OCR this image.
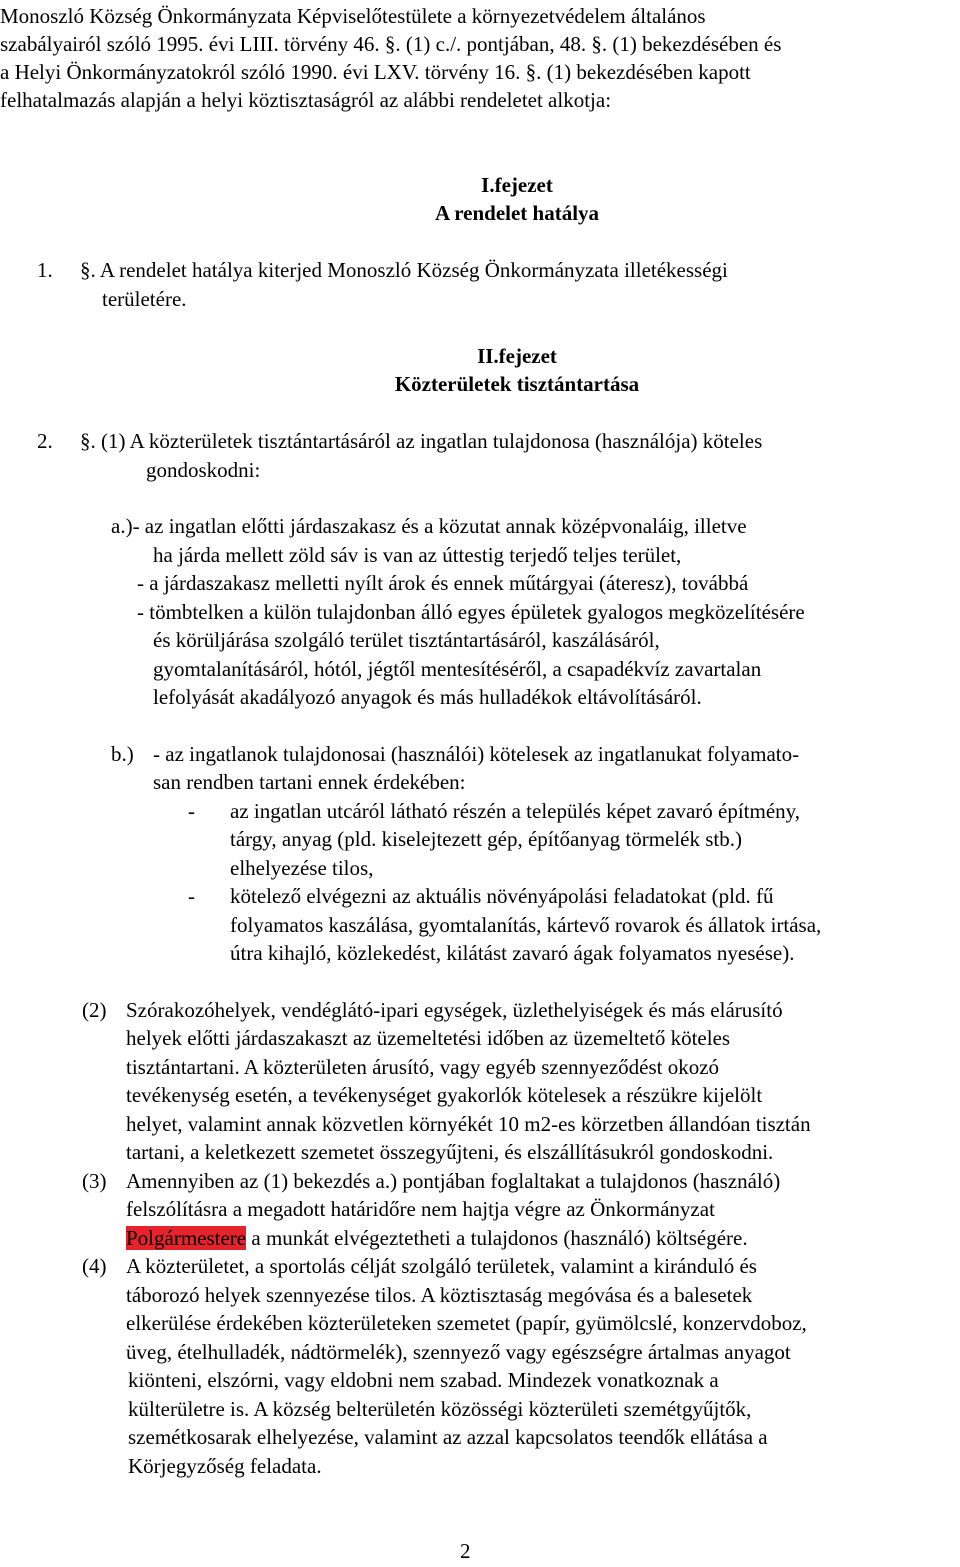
Monoszló Község Önkormányzata Képviselőtestülete a környezetvédelem általános
szabályairól szóló 1995. évi LIII. törvény 46. §. (1) c./. pontjában, 48. §. (1) bekezdésében és
a Helyi Önkormányzatokról szóló 1990. évi LXV. törvény 16. §. (1) bekezdésében kapott
felhatalmazás alapján a helyi köztisztaságról az alábbi rendeletet alkotja:
I.fejezet
A rendelet hatálya
1. §. A rendelet hatálya kiterjed Monoszló Község Önkormányzata illetékességi
területére.
II.fejezet
Közterületek tisztántartása
2. §. (1) A közterületek tisztántartásáról az ingatlan tulajdonosa (használója) köteles
gondoskodni:
a.)- az ingatlan előtti járdaszakasz és a közutat annak középvonaláig, illetve
ha járda mellett zöld sáv is van az úttestig terjedő teljes terület,
- a járdaszakasz melletti nyílt árok és ennek műtárgyai (áteresz), továbbá
- tömbtelken a külön tulajdonban álló egyes épületek gyalogos megközelítésére
és körüljárása szolgáló terület tisztántartásáról, kaszálásáról,
gyomtalanításáról, hótól, jégtől mentesítéséről, a csapadékvíz zavartalan
lefolyását akadályozó anyagok és más hulladékok eltávolításáról.
b.) - az ingatlanok tulajdonosai (használói) kötelesek az ingatlanukat folyamato-
san rendben tartani ennek érdekében:
- az ingatlan utcáról látható részén a település képet zavaró építmény,
tárgy, anyag (pld. kiselejtezett gép, építőanyag törmelék stb.)
elhelyezése tilos,
- kötelező elvégezni az aktuális növényápolási feladatokat (pld. fű
folyamatos kaszálása, gyomtalanítás, kártevő rovarok és állatok irtása,
útra kihajló, közlekedést, kilátást zavaró ágak folyamatos nyesése).
(2) Szórakozóhelyek, vendéglátó-ipari egységek, üzlethelyiségek és más elárusító
helyek előtti járdaszakaszt az üzemeltetési időben az üzemeltető köteles
tisztántartani. A közterületen árusító, vagy egyéb szennyeződést okozó
tevékenység esetén, a tevékenységet gyakorlók kötelesek a részükre kijelölt
helyet, valamint annak közvetlen környékét 10 m2-es körzetben állandóan tisztán
tartani, a keletkezett szemetet összegyűjteni, és elszállításukról gondoskodni.
(3) Amennyiben az (1) bekezdés a.) pontjában foglaltakat a tulajdonos (használó)
felszólításra a megadott határidőre nem hajtja végre az Önkormányzat
Polgármestere a munkát elvégeztetheti a tulajdonos (használó) költségére.
(4) A közterületet, a sportolás célját szolgáló területek, valamint a kiránduló és
táborozó helyek szennyezése tilos. A köztisztaság megóvása és a balesetek
elkerülése érdekében közterületeken szemetet (papír, gyümölcslé, konzervdoboz,
üveg, ételhulladék, nádtörmelék), szennyező vagy egészségre ártalmas anyagot
kiönteni, elszórni, vagy eldobni nem szabad. Mindezek vonatkoznak a
külterületre is. A község belterületén közösségi közterületi szemétgyűjtők,
szemétkosarak elhelyezése, valamint az azzal kapcsolatos teendők ellátása a
Körjegyzőség feladata.
2
